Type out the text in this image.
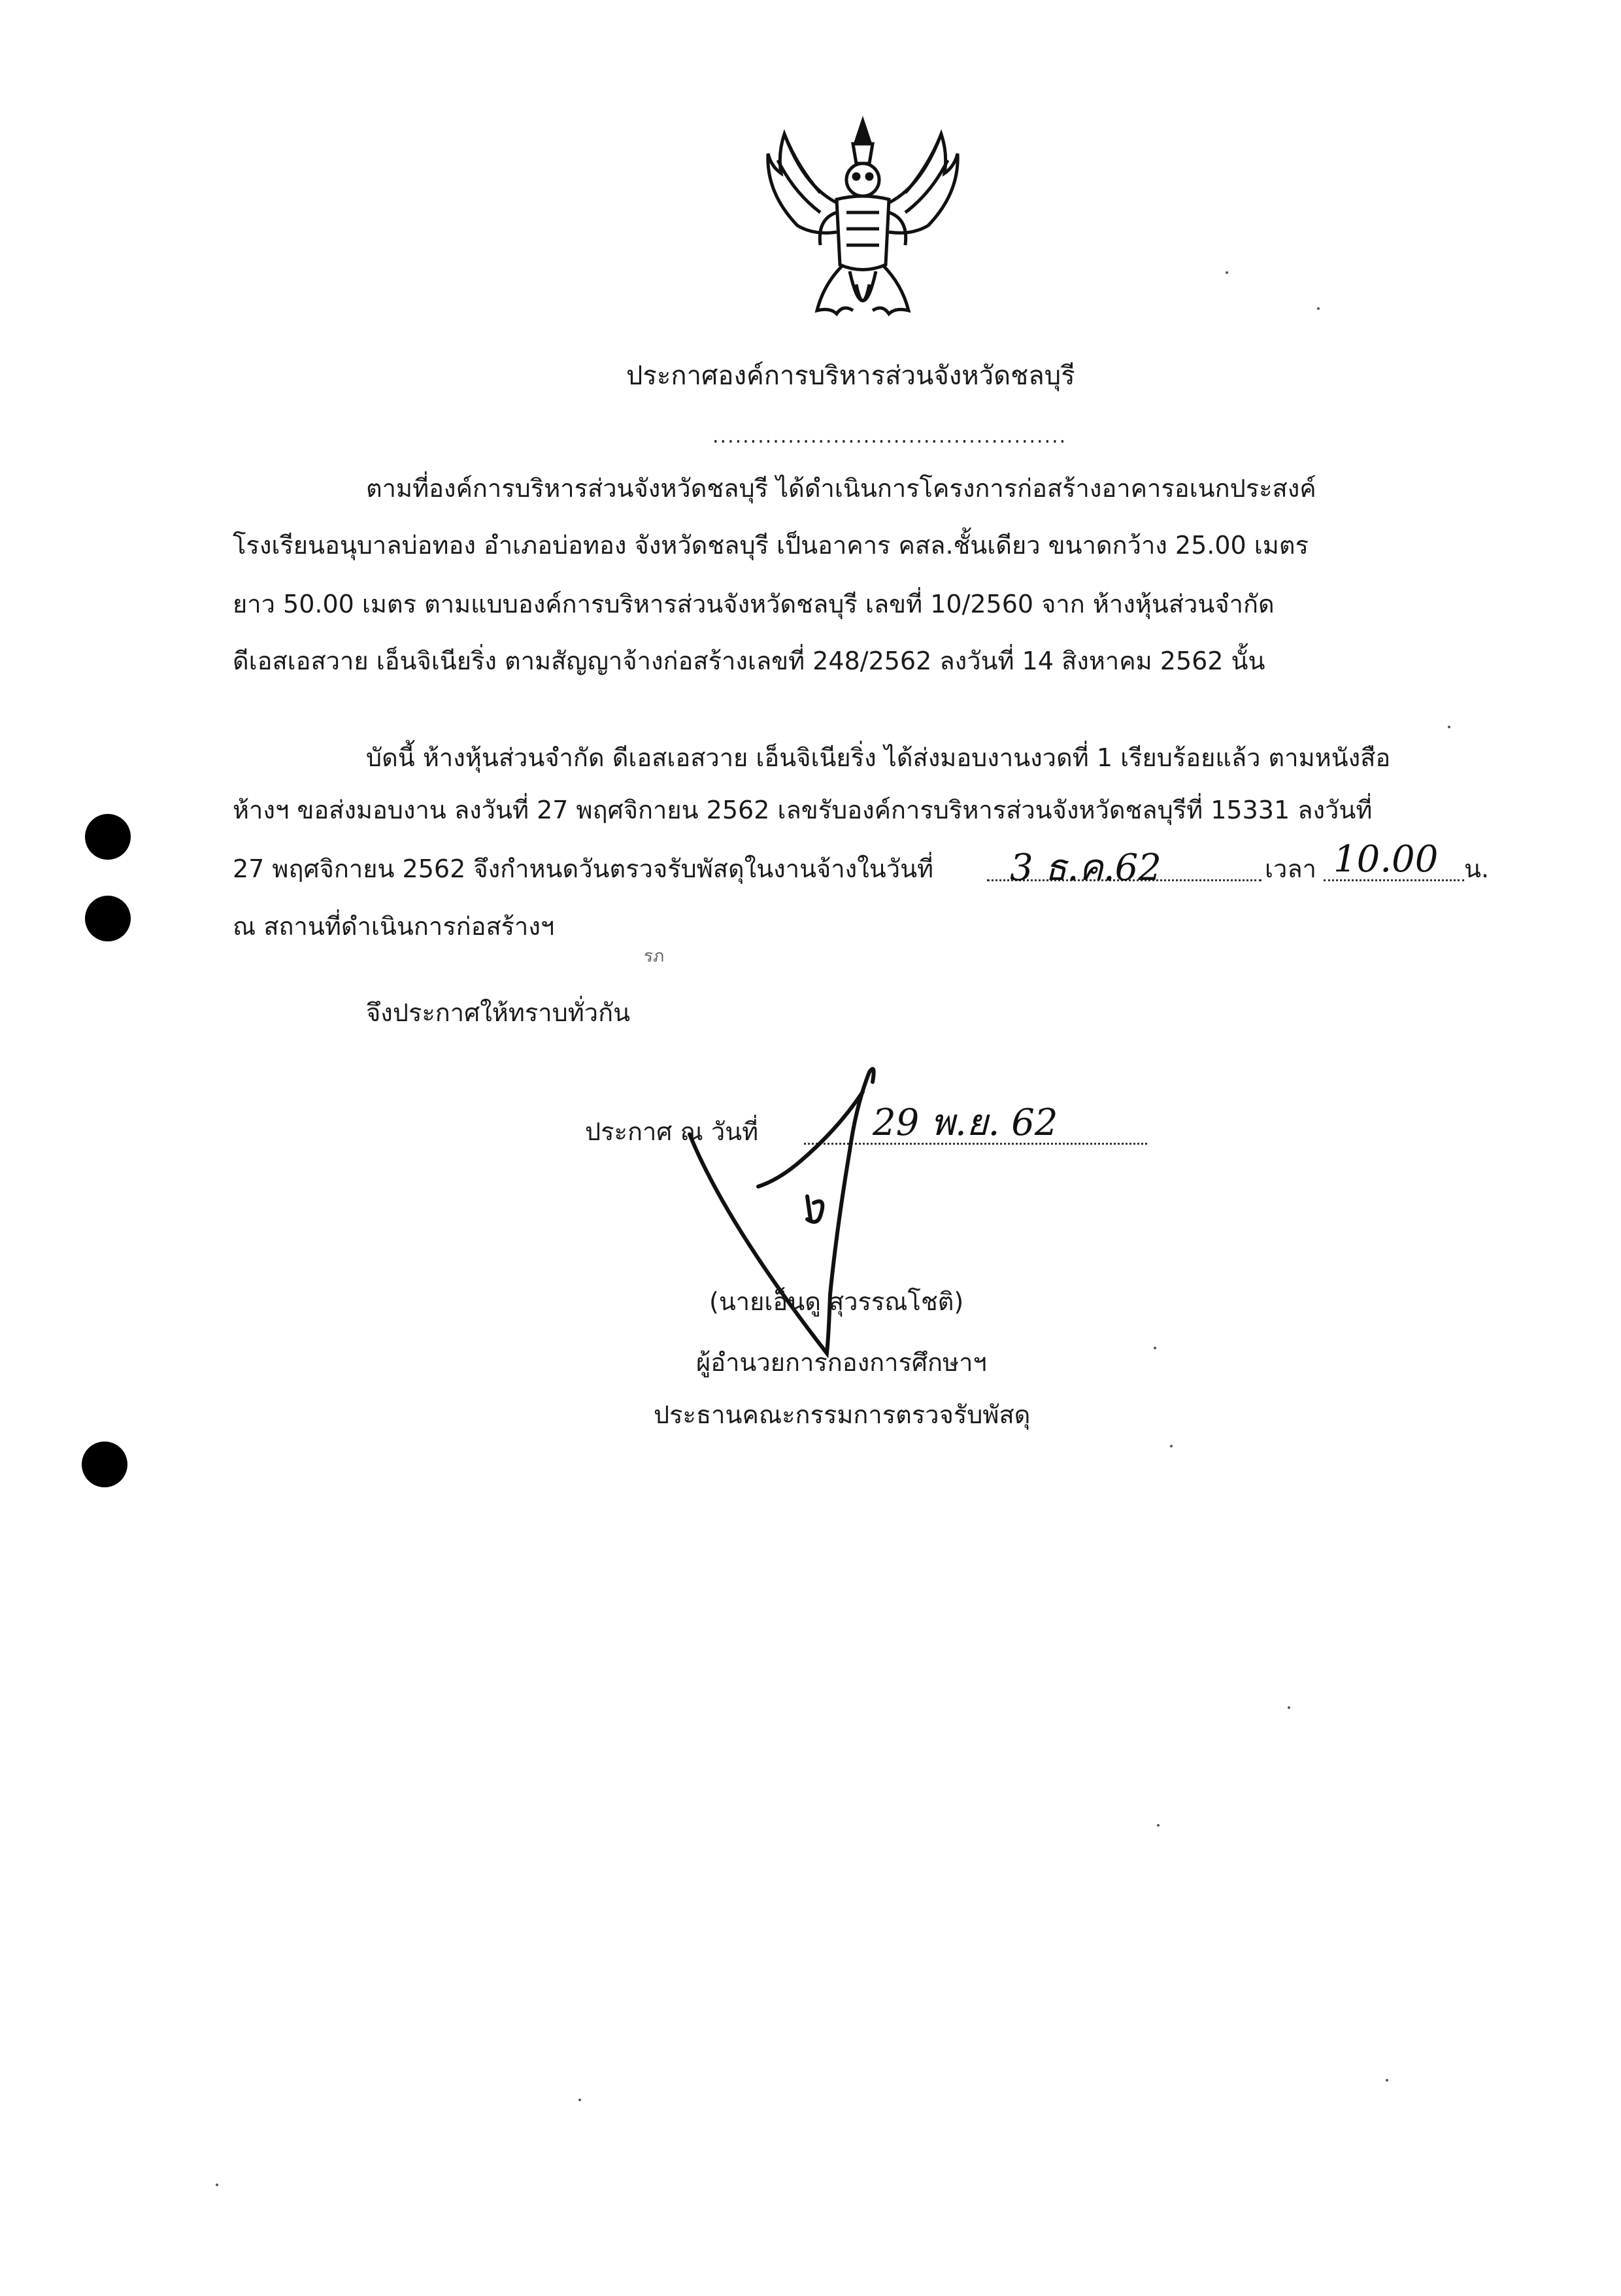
ประกาศองค์การบริหารส่วนจังหวัดชลบุรี
...............................................
ตามที่องค์การบริหารส่วนจังหวัดชลบุรี ได้ดำเนินการโครงการก่อสร้างอาคารอเนกประสงค์
โรงเรียนอนุบาลบ่อทอง อำเภอบ่อทอง จังหวัดชลบุรี เป็นอาคาร คสล.ชั้นเดียว ขนาดกว้าง 25.00 เมตร
ยาว 50.00 เมตร ตามแบบองค์การบริหารส่วนจังหวัดชลบุรี เลขที่ 10/2560 จาก ห้างหุ้นส่วนจำกัด
ดีเอสเอสวาย เอ็นจิเนียริ่ง ตามสัญญาจ้างก่อสร้างเลขที่ 248/2562 ลงวันที่ 14 สิงหาคม 2562 นั้น
บัดนี้ ห้างหุ้นส่วนจำกัด ดีเอสเอสวาย เอ็นจิเนียริ่ง ได้ส่งมอบงานงวดที่ 1 เรียบร้อยแล้ว ตามหนังสือ
ห้างฯ ขอส่งมอบงาน ลงวันที่ 27 พฤศจิกายน 2562 เลขรับองค์การบริหารส่วนจังหวัดชลบุรีที่ 15331 ลงวันที่
27 พฤศจิกายน 2562 จึงกำหนดวันตรวจรับพัสดุในงานจ้างในวันที่ 3 ธ.ค.62	เวลา 10.00 น.
ณ สถานที่ดำเนินการก่อสร้างฯ
รภ
จึงประกาศให้ทราบทั่วกัน
ประกาศ ณ วันที่	29 พ.ย. 62
(นายเอ็นดู สุวรรณโชติ)
ผู้อำนวยการกองการศึกษาฯ
ประธานคณะกรรมการตรวจรับพัสดุ
